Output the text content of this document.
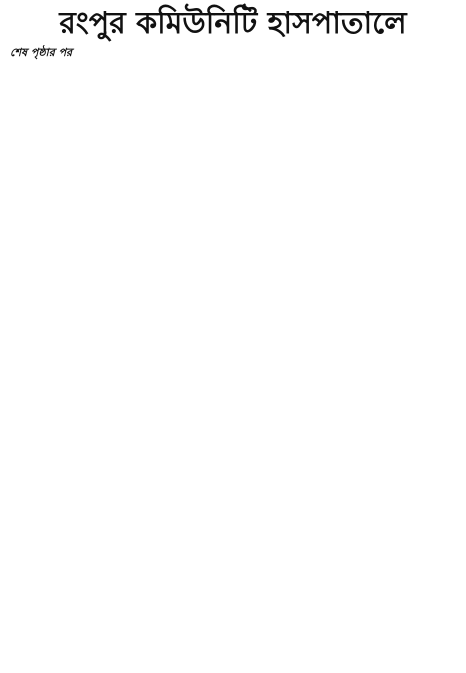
রংপুর কমিউনিটি হাসপাতালে
শেষ পৃষ্ঠার পর
